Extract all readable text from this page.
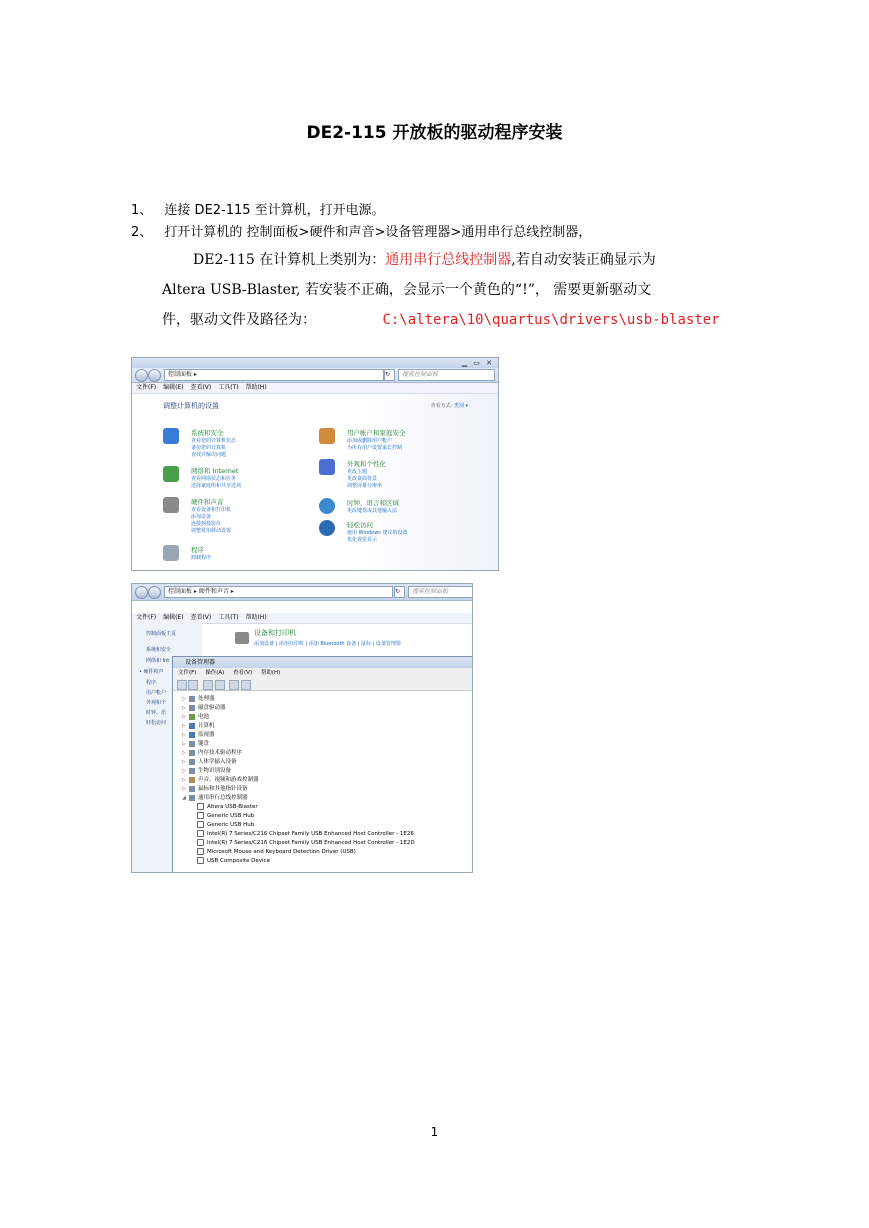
DE2-115 开放板的驱动程序安装
1、 连接 DE2-115 至计算机，打开电源。
2、 打开计算机的 控制面板>硬件和声音>设备管理器>通用串行总线控制器，
DE2-115 在计算机上类别为：通用串行总线控制器,若自动安装正确显示为
Altera USB-Blaster, 若安装不正确，会显示一个黄色的“!”， 需要更新驱动文
件，驱动文件及路径为：	C:\altera\10\quartus\drivers\usb-blaster
▁ ▭ ✕
控制面板 ▸	↻	搜索控制面板
文件(F) 编辑(E) 查看(V) 工具(T) 帮助(H)
调整计算机的设置	查看方式: 类别 ▾
系统和安全
查看您的计算机状态
备份您的计算机
查找并解决问题
网络和 Internet
查看网络状态和任务
选择家庭组和共享选项
硬件和声音
查看设备和打印机
添加设备
连接到投影仪
调整常用移动设置
程序
卸载程序
用户帐户和家庭安全
添加或删除用户帐户
为所有用户设置家长控制
外观和个性化
更改主题
更改桌面背景
调整屏幕分辨率
时钟、语言和区域
更改键盘或其他输入法
轻松访问
使用 Windows 建议的设置
优化视觉显示
控制面板 ▸ 硬件和声音 ▸	↻	搜索控制面板
文件(F) 编辑(E) 查看(V) 工具(T) 帮助(H)
控制面板主页
系统和安全
网络和 Int
• 硬件和声
程序
用户帐户
外观和个
时钟、语
轻松访问
设备和打印机
添加设备 | 添加打印机 | 添加 Bluetooth 设备 | 鼠标 | 设备管理器
设备管理器
文件(F) 操作(A) 查看(V) 帮助(H)
▷ 处理器
▷ 磁盘驱动器
▷ 电池
▷ 计算机
▷ 监视器
▷ 键盘
▷ 内存技术驱动程序
▷ 人体学输入设备
▷ 生物识别设备
▷ 声音、视频和游戏控制器
▷ 鼠标和其他指针设备
◢ 通用串行总线控制器
Altera USB-Blaster
Generic USB Hub
Generic USB Hub
Intel(R) 7 Series/C216 Chipset Family USB Enhanced Host Controller - 1E26
Intel(R) 7 Series/C216 Chipset Family USB Enhanced Host Controller - 1E2D
Microsoft Mouse and Keyboard Detection Driver (USB)
USB Composite Device
1
